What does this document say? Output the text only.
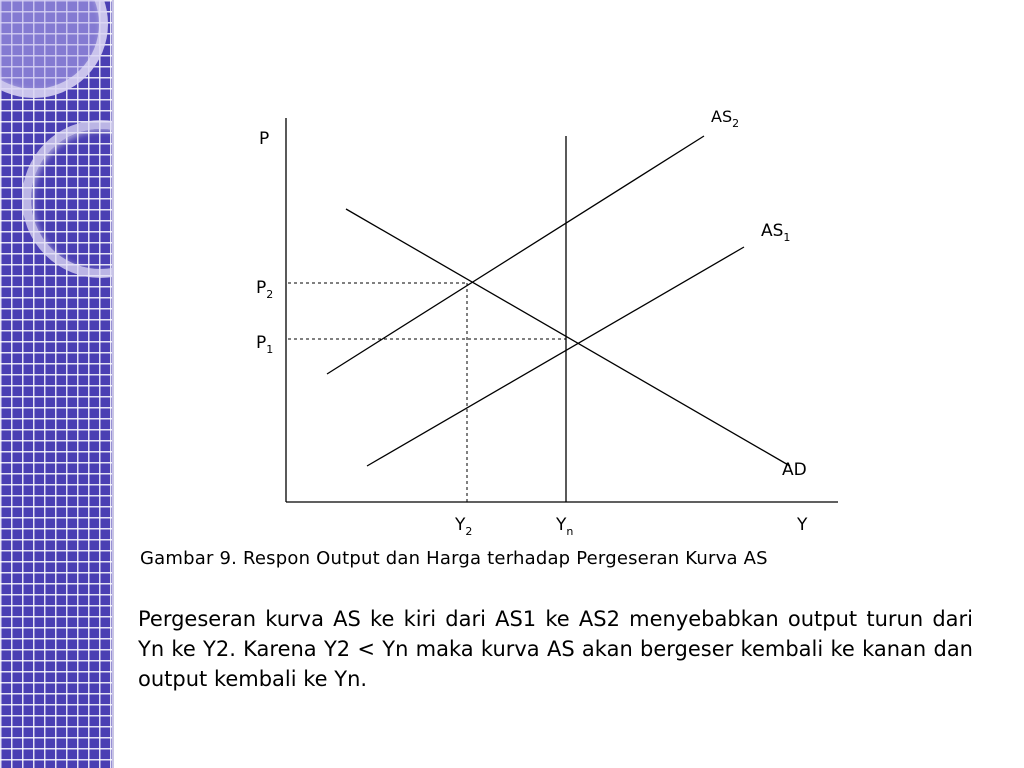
P
$P_2$
$P_1$
$AS_2$
$AS_1$
AD
$Y_2$	$Y_n$	Y
Gambar 9. Respon Output dan Harga terhadap Pergeseran Kurva AS
Pergeseran kurva AS ke kiri dari AS1 ke AS2 menyebabkan output turun dari Yn ke Y2. Karena Y2 < Yn maka kurva AS akan bergeser kembali ke kanan dan output kembali ke Yn.
